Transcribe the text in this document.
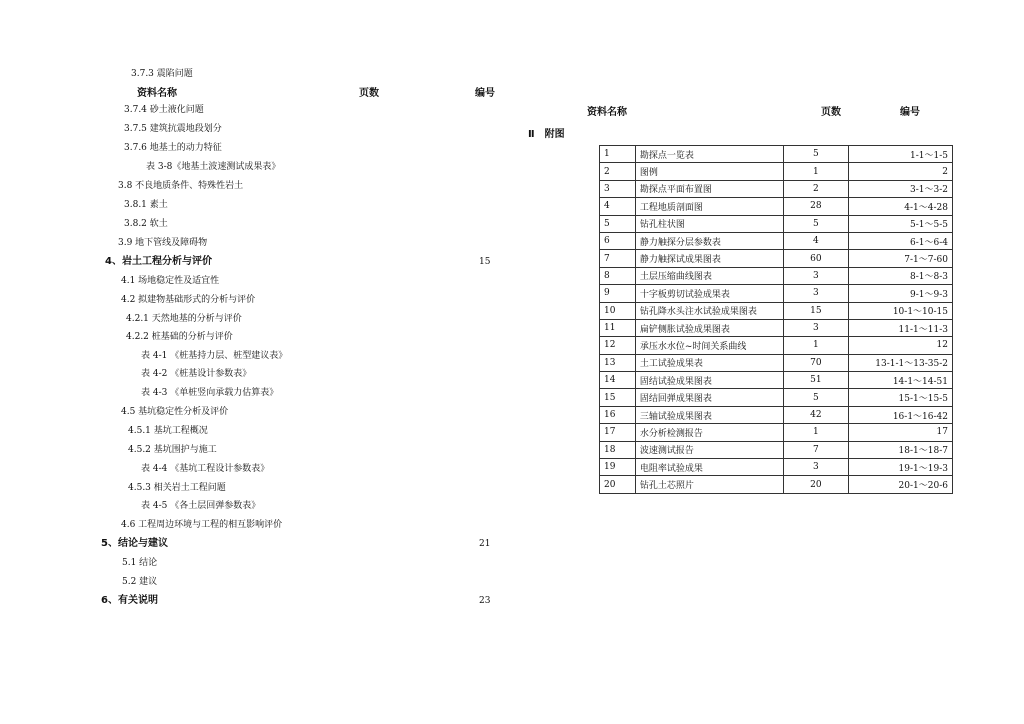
资料名称	页数	编号
3.7.3 震陷问题
3.7.4 砂土液化问题
3.7.5 建筑抗震地段划分
3.7.6 地基土的动力特征
表 3-8《地基土波速测试成果表》
3.8 不良地质条件、特殊性岩土
3.8.1 素土
3.8.2 软土
3.9 地下管线及障碍物
4、岩土工程分析与评价	15
4.1 场地稳定性及适宜性
4.2 拟建物基础形式的分析与评价
4.2.1 天然地基的分析与评价
4.2.2 桩基础的分析与评价
表 4-1 《桩基持力层、桩型建议表》
表 4-2 《桩基设计参数表》
表 4-3 《单桩竖向承载力估算表》
4.5 基坑稳定性分析及评价
4.5.1 基坑工程概况
4.5.2 基坑围护与施工
表 4-4 《基坑工程设计参数表》
4.5.3 相关岩土工程问题
表 4-5 《各土层回弹参数表》
4.6 工程周边环境与工程的相互影响评价
5、结论与建议	21
5.1 结论
5.2 建议
6、有关说明	23
资料名称	页数	编号
Ⅱ　附图
1	勘探点一览表	5	1-1～1-5
2	图例	1	2
3	勘探点平面布置图	2	3-1～3-2
4	工程地质剖面图	28	4-1～4-28
5	钻孔柱状图	5	5-1～5-5
6	静力触探分层参数表	4	6-1～6-4
7	静力触探试成果图表	60	7-1～7-60
8	土层压缩曲线图表	3	8-1～8-3
9	十字板剪切试验成果表	3	9-1～9-3
10	钻孔降水头注水试验成果图表	15	10-1～10-15
11	扁铲侧胀试验成果图表	3	11-1～11-3
12	承压水水位~时间关系曲线	1	12
13	土工试验成果表	70	13-1-1～13-35-2
14	固结试验成果图表	51	14-1～14-51
15	固结回弹成果图表	5	15-1～15-5
16	三轴试验成果图表	42	16-1～16-42
17	水分析检测报告	1	17
18	波速测试报告	7	18-1～18-7
19	电阻率试验成果	3	19-1～19-3
20	钻孔土芯照片	20	20-1～20-6
